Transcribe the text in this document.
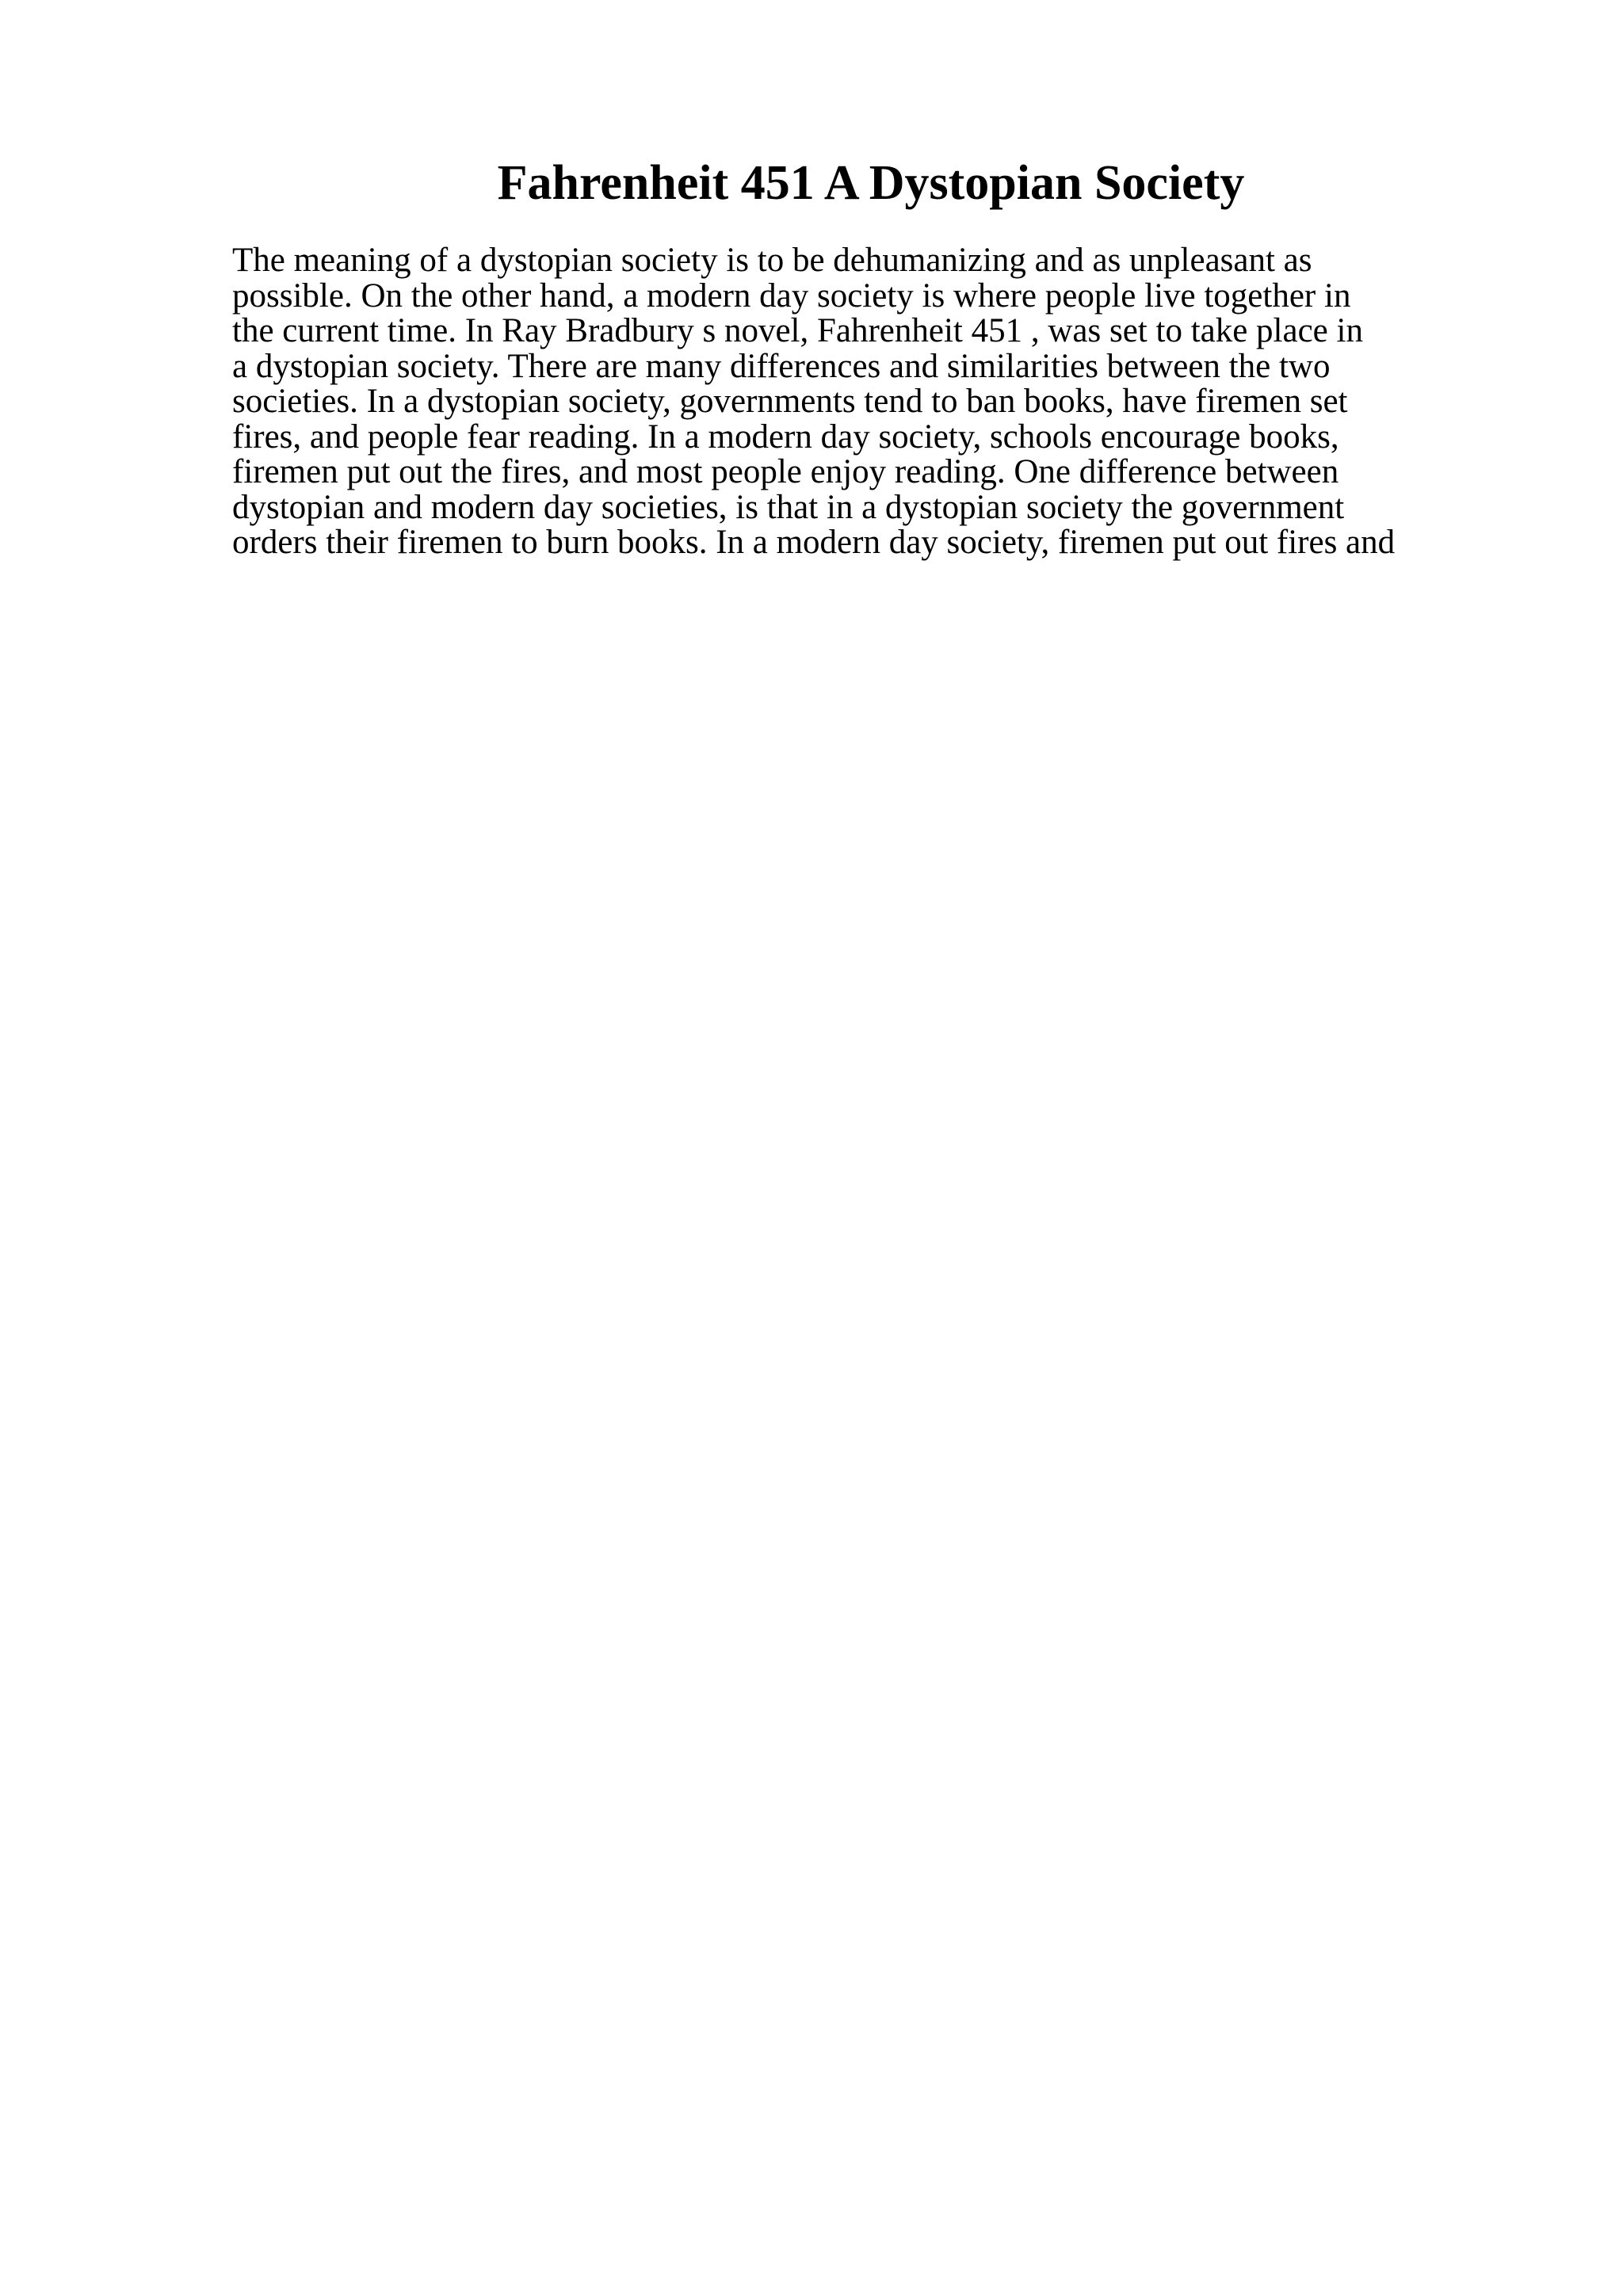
Fahrenheit 451 A Dystopian Society
The meaning of a dystopian society is to be dehumanizing and as unpleasant as
possible. On the other hand, a modern day society is where people live together in
the current time. In Ray Bradbury s novel, Fahrenheit 451 , was set to take place in
a dystopian society. There are many differences and similarities between the two
societies. In a dystopian society, governments tend to ban books, have firemen set
fires, and people fear reading. In a modern day society, schools encourage books,
firemen put out the fires, and most people enjoy reading. One difference between
dystopian and modern day societies, is that in a dystopian society the government
orders their firemen to burn books. In a modern day society, firemen put out fires and
